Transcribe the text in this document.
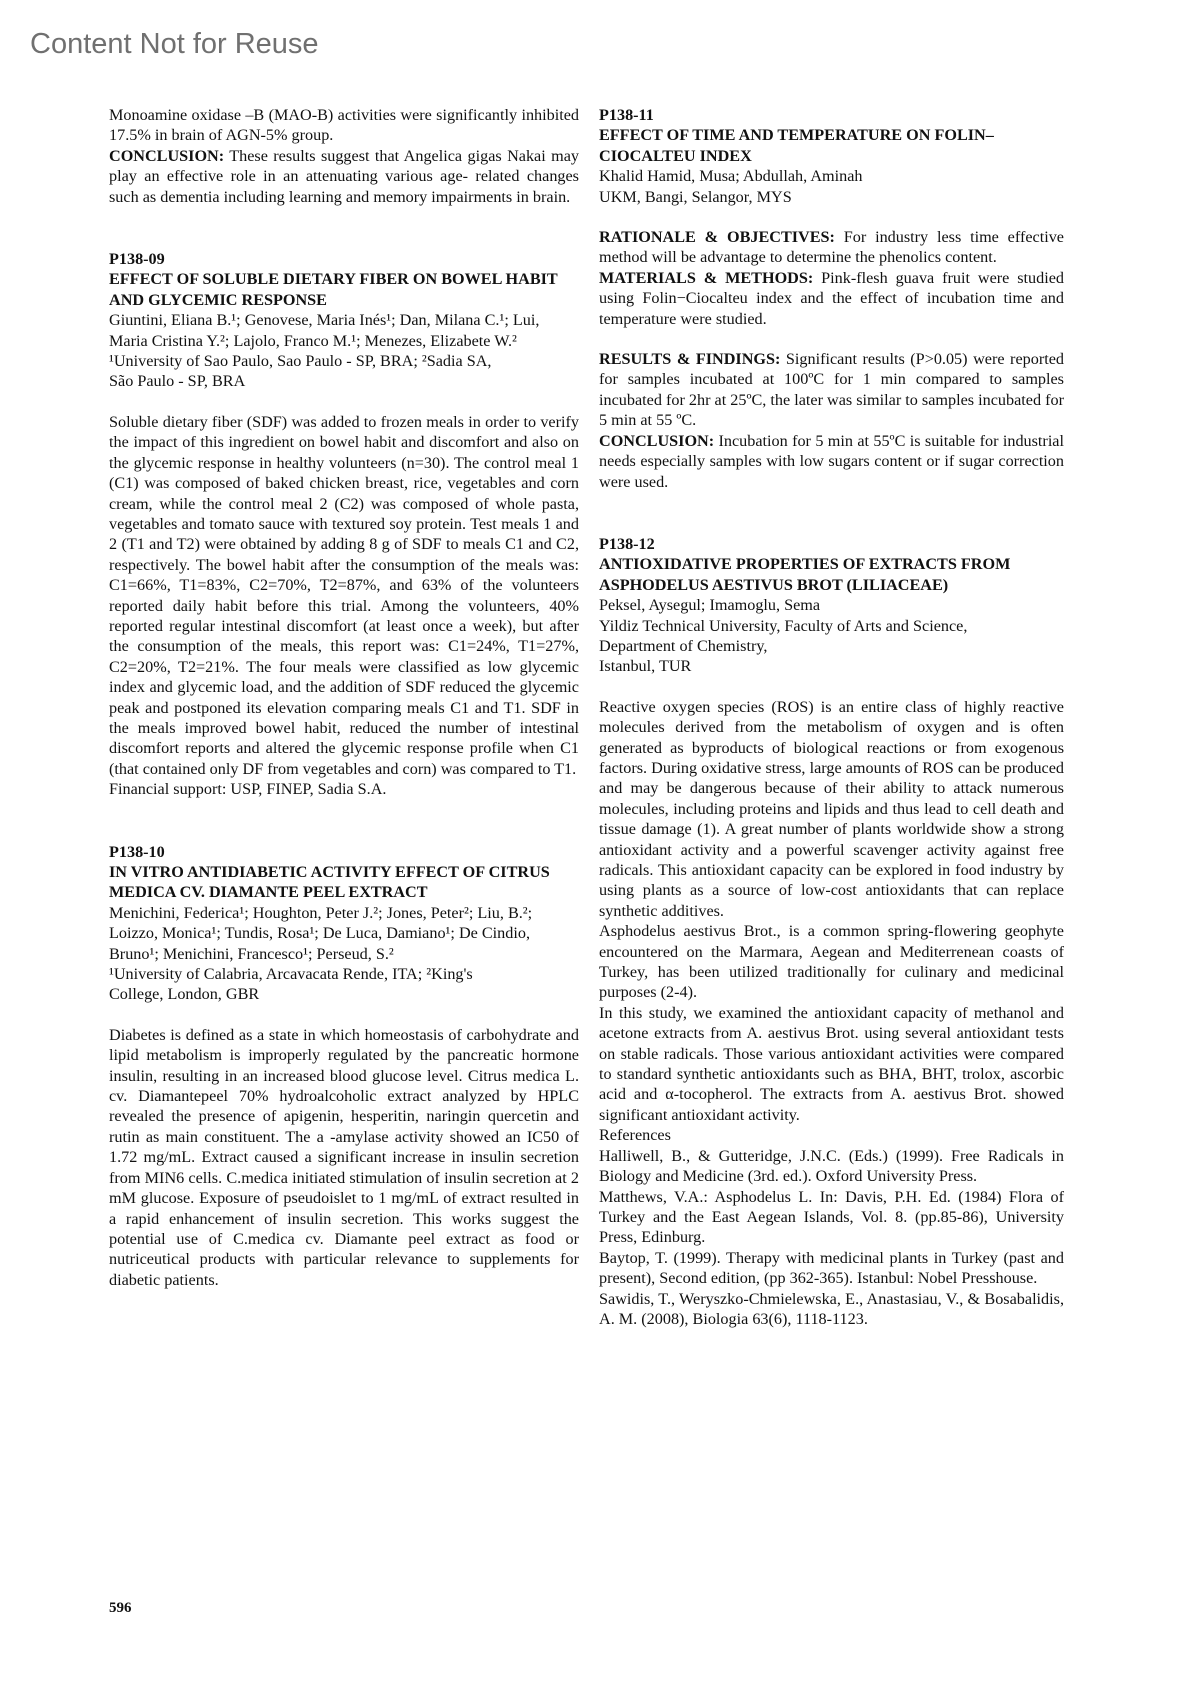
Content Not for Reuse

Monoamine oxidase –B (MAO-B) activities were significantly inhibited 17.5% in brain of AGN-5% group.

CONCLUSION: These results suggest that Angelica gigas Nakai may play an effective role in an attenuating various age- related changes such as dementia including learning and memory impairments in brain.

P138-09

EFFECT OF SOLUBLE DIETARY FIBER ON BOWEL HABIT AND GLYCEMIC RESPONSE

Giuntini, Eliana B.¹; Genovese, Maria Inés¹; Dan, Milana C.¹; Lui, Maria Cristina Y.²; Lajolo, Franco M.¹; Menezes, Elizabete W.²

¹University of Sao Paulo, Sao Paulo - SP, BRA; ²Sadia SA,

São Paulo - SP, BRA

Soluble dietary fiber (SDF) was added to frozen meals in order to verify the impact of this ingredient on bowel habit and discomfort and also on the glycemic response in healthy volunteers (n=30). The control meal 1 (C1) was composed of baked chicken breast, rice, vegetables and corn cream, while the control meal 2 (C2) was composed of whole pasta, vegetables and tomato sauce with textured soy protein. Test meals 1 and 2 (T1 and T2) were obtained by adding 8 g of SDF to meals C1 and C2, respectively. The bowel habit after the consumption of the meals was: C1=66%, T1=83%, C2=70%, T2=87%, and 63% of the volunteers reported daily habit before this trial. Among the volunteers, 40% reported regular intestinal discomfort (at least once a week), but after the consumption of the meals, this report was: C1=24%, T1=27%, C2=20%, T2=21%. The four meals were classified as low glycemic index and glycemic load, and the addition of SDF reduced the glycemic peak and postponed its elevation comparing meals C1 and T1. SDF in the meals improved bowel habit, reduced the number of intestinal discomfort reports and altered the glycemic response profile when C1 (that contained only DF from vegetables and corn) was compared to T1.

Financial support: USP, FINEP, Sadia S.A.

P138-10

IN VITRO ANTIDIABETIC ACTIVITY EFFECT OF CITRUS MEDICA CV. DIAMANTE PEEL EXTRACT

Menichini, Federica¹; Houghton, Peter J.²; Jones, Peter²; Liu, B.²; Loizzo, Monica¹; Tundis, Rosa¹; De Luca, Damiano¹; De Cindio, Bruno¹; Menichini, Francesco¹; Perseud, S.²

¹University of Calabria, Arcavacata Rende, ITA; ²King's

College, London, GBR

Diabetes is defined as a state in which homeostasis of carbohydrate and lipid metabolism is improperly regulated by the pancreatic hormone insulin, resulting in an increased blood glucose level. Citrus medica L. cv. Diamantepeel 70% hydroalcoholic extract analyzed by HPLC revealed the presence of apigenin, hesperitin, naringin quercetin and rutin as main constituent. The a -amylase activity showed an IC50 of 1.72 mg/mL. Extract caused a significant increase in insulin secretion from MIN6 cells. C.medica initiated stimulation of insulin secretion at 2 mM glucose. Exposure of pseudoislet to 1 mg/mL of extract resulted in a rapid enhancement of insulin secretion. This works suggest the potential use of C.medica cv. Diamante peel extract as food or nutriceutical products with particular relevance to supplements for diabetic patients.

P138-11

EFFECT OF TIME AND TEMPERATURE ON FOLIN–CIOCALTEU INDEX

Khalid Hamid, Musa; Abdullah, Aminah

UKM, Bangi, Selangor, MYS

RATIONALE & OBJECTIVES: For industry less time effective method will be advantage to determine the phenolics content.

MATERIALS & METHODS: Pink-flesh guava fruit were studied using Folin−Ciocalteu index and the effect of incubation time and temperature were studied.

RESULTS & FINDINGS: Significant results (P>0.05) were reported for samples incubated at 100ºC for 1 min compared to samples incubated for 2hr at 25ºC, the later was similar to samples incubated for 5 min at 55 ºC.

CONCLUSION: Incubation for 5 min at 55ºC is suitable for industrial needs especially samples with low sugars content or if sugar correction were used.

P138-12

ANTIOXIDATIVE PROPERTIES OF EXTRACTS FROM ASPHODELUS AESTIVUS BROT (LILIACEAE)

Peksel, Aysegul; Imamoglu, Sema

Yildiz Technical University, Faculty of Arts and Science,

Department of Chemistry,

Istanbul, TUR

Reactive oxygen species (ROS) is an entire class of highly reactive molecules derived from the metabolism of oxygen and is often generated as byproducts of biological reactions or from exogenous factors. During oxidative stress, large amounts of ROS can be produced and may be dangerous because of their ability to attack numerous molecules, including proteins and lipids and thus lead to cell death and tissue damage (1). A great number of plants worldwide show a strong antioxidant activity and a powerful scavenger activity against free radicals. This antioxidant capacity can be explored in food industry by using plants as a source of low-cost antioxidants that can replace synthetic additives.

Asphodelus aestivus Brot., is a common spring-flowering geophyte encountered on the Marmara, Aegean and Mediterrenean coasts of Turkey, has been utilized traditionally for culinary and medicinal purposes (2-4).

In this study, we examined the antioxidant capacity of methanol and acetone extracts from A. aestivus Brot. using several antioxidant tests on stable radicals. Those various antioxidant activities were compared to standard synthetic antioxidants such as BHA, BHT, trolox, ascorbic acid and α-tocopherol. The extracts from A. aestivus Brot. showed significant antioxidant activity.

References

Halliwell, B., & Gutteridge, J.N.C. (Eds.) (1999). Free Radicals in Biology and Medicine (3rd. ed.). Oxford University Press.

Matthews, V.A.: Asphodelus L. In: Davis, P.H. Ed. (1984) Flora of Turkey and the East Aegean Islands, Vol. 8. (pp.85-86), University Press, Edinburg.

Baytop, T. (1999). Therapy with medicinal plants in Turkey (past and present), Second edition, (pp 362-365). Istanbul: Nobel Presshouse.

Sawidis, T., Weryszko-Chmielewska, E., Anastasiau, V., & Bosabalidis, A. M. (2008), Biologia 63(6), 1118-1123.

596
